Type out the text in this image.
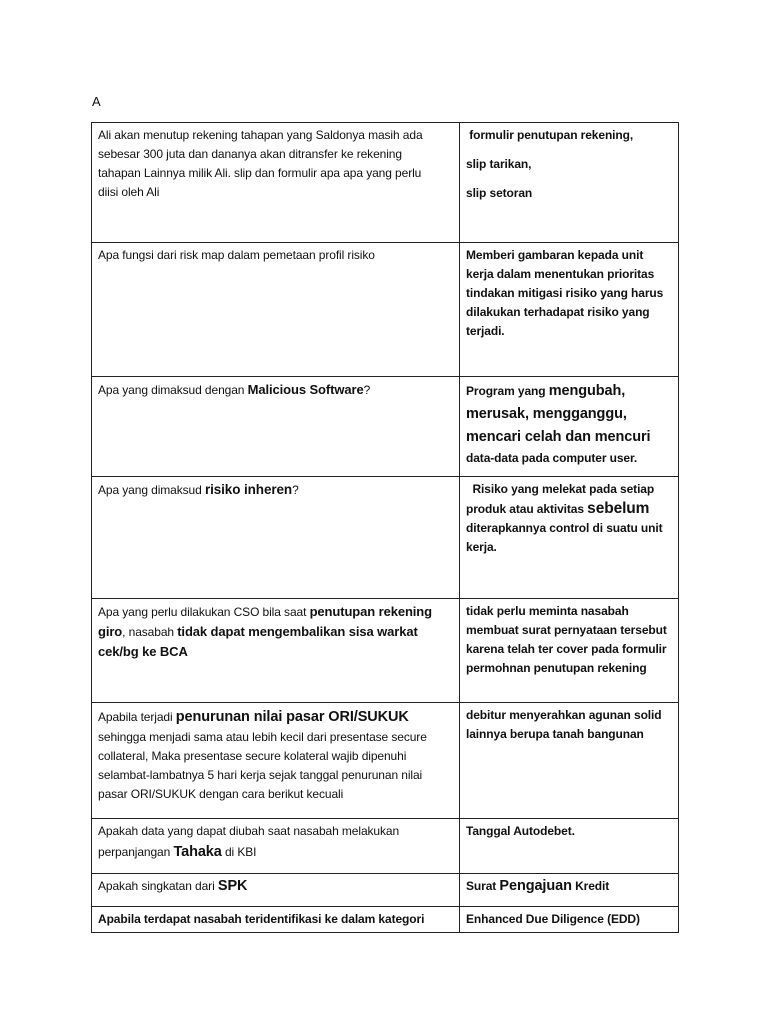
A
Ali akan menutup rekening tahapan yang Saldonya masih ada
sebesar 300 juta dan dananya akan ditransfer ke rekening
tahapan Lainnya milik Ali. slip dan formulir apa apa yang perlu
diisi oleh Ali	formulir penutupan rekening,
slip tarikan,
slip setoran

Apa fungsi dari risk map dalam pemetaan profil risiko	Memberi gambaran kepada unit kerja dalam menentukan prioritas tindakan mitigasi risiko yang harus dilakukan terhadapat risiko yang terjadi.
Apa yang dimaksud dengan Malicious Software?	Program yang mengubah, merusak, mengganggu, mencari celah dan mencuri data-data pada computer user.
Apa yang dimaksud risiko inheren?	Risiko yang melekat pada setiap produk atau aktivitas sebelum diterapkannya control di suatu unit kerja.
Apa yang perlu dilakukan CSO bila saat penutupan rekening giro, nasabah tidak dapat mengembalikan sisa warkat cek/bg ke BCA	tidak perlu meminta nasabah membuat surat pernyataan tersebut karena telah ter cover pada formulir permohnan penutupan rekening
Apabila terjadi penurunan nilai pasar ORI/SUKUK sehingga menjadi sama atau lebih kecil dari presentase secure collateral, Maka presentase secure kolateral wajib dipenuhi selambat-lambatnya 5 hari kerja sejak tanggal penurunan nilai pasar ORI/SUKUK dengan cara berikut kecuali	debitur menyerahkan agunan solid lainnya berupa tanah bangunan
Apakah data yang dapat diubah saat nasabah melakukan perpanjangan Tahaka di KBI	Tanggal Autodebet.
Apakah singkatan dari SPK	Surat Pengajuan Kredit
Apabila terdapat nasabah teridentifikasi ke dalam kategori	Enhanced Due Diligence (EDD)
